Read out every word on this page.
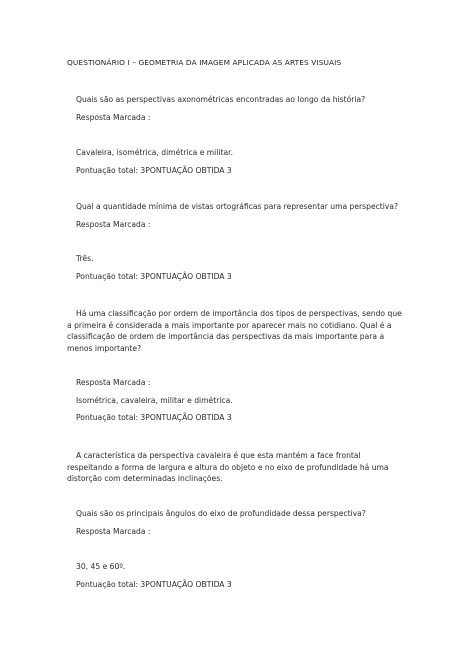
QUESTIONÁRIO I – GEOMETRIA DA IMAGEM APLICADA AS ARTES VISUAIS
Quais são as perspectivas axonométricas encontradas ao longo da história?
Resposta Marcada :
Cavaleira, isométrica, dimétrica e militar.
Pontuação total: 3PONTUAÇÃO OBTIDA 3
Qual a quantidade mínima de vistas ortográficas para representar uma perspectiva?
Resposta Marcada :
Três.
Pontuação total: 3PONTUAÇÃO OBTIDA 3
Há uma classificação por ordem de importância dos tipos de perspectivas, sendo que a primeira é considerada a mais importante por aparecer mais no cotidiano. Qual é a classificação de ordem de importância das perspectivas da mais importante para a menos importante?
Resposta Marcada :
Isométrica, cavaleira, militar e dimétrica.
Pontuação total: 3PONTUAÇÃO OBTIDA 3
A característica da perspectiva cavaleira é que esta mantém a face frontal respeitando a forma de largura e altura do objeto e no eixo de profundidade há uma distorção com determinadas inclinações.
Quais são os principais ângulos do eixo de profundidade dessa perspectiva?
Resposta Marcada :
30, 45 e 60º.
Pontuação total: 3PONTUAÇÃO OBTIDA 3
